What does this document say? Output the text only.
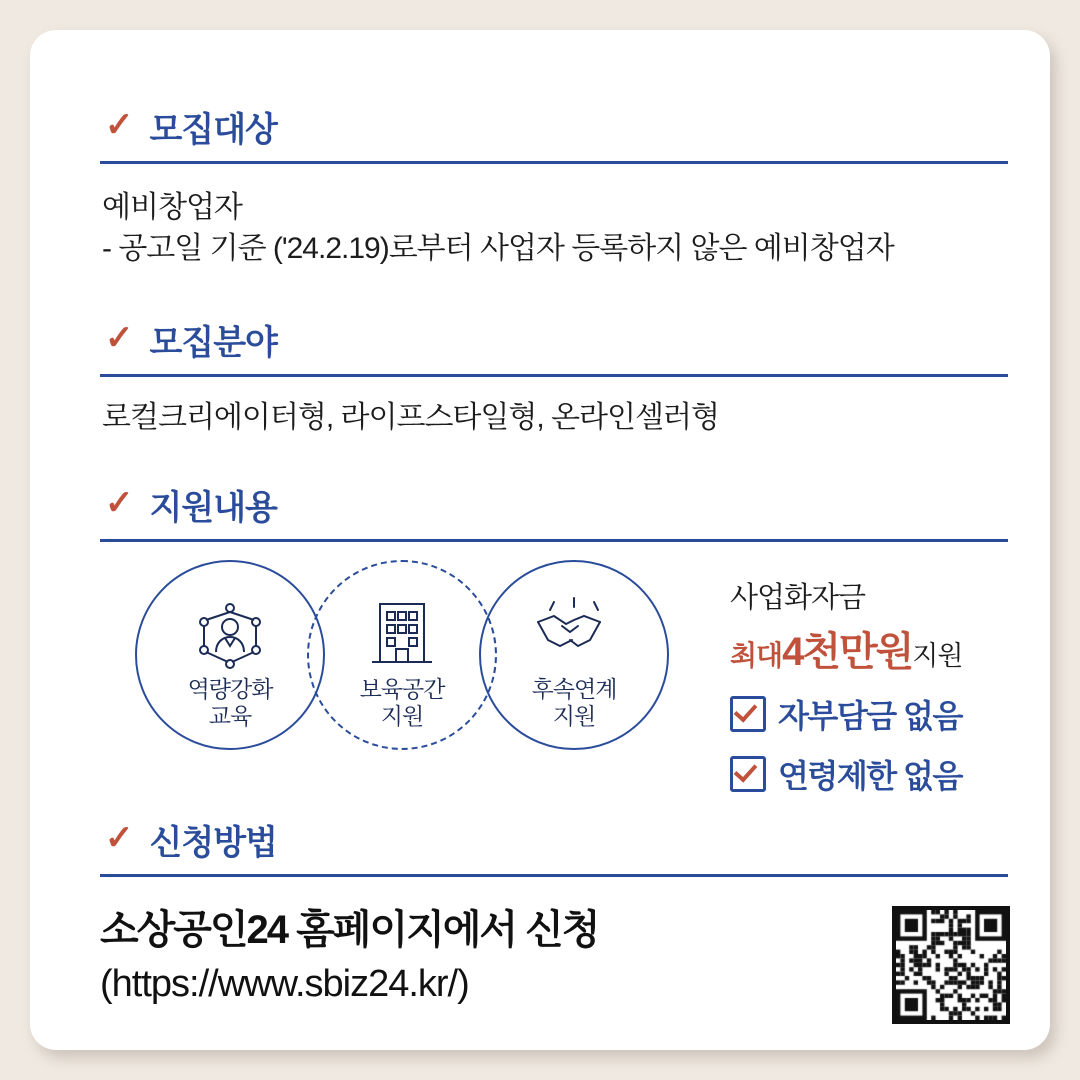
✓ 모집대상
예비창업자
- 공고일 기준 ('24.2.19)로부터 사업자 등록하지 않은 예비창업자
✓ 모집분야
로컬크리에이터형, 라이프스타일형, 온라인셀러형
✓ 지원내용
역량강화
교육
보육공간
지원
후속연계
지원
사업화자금
최대4천만원지원
자부담금 없음
연령제한 없음
✓ 신청방법
소상공인24 홈페이지에서 신청
(https://www.sbiz24.kr/)
